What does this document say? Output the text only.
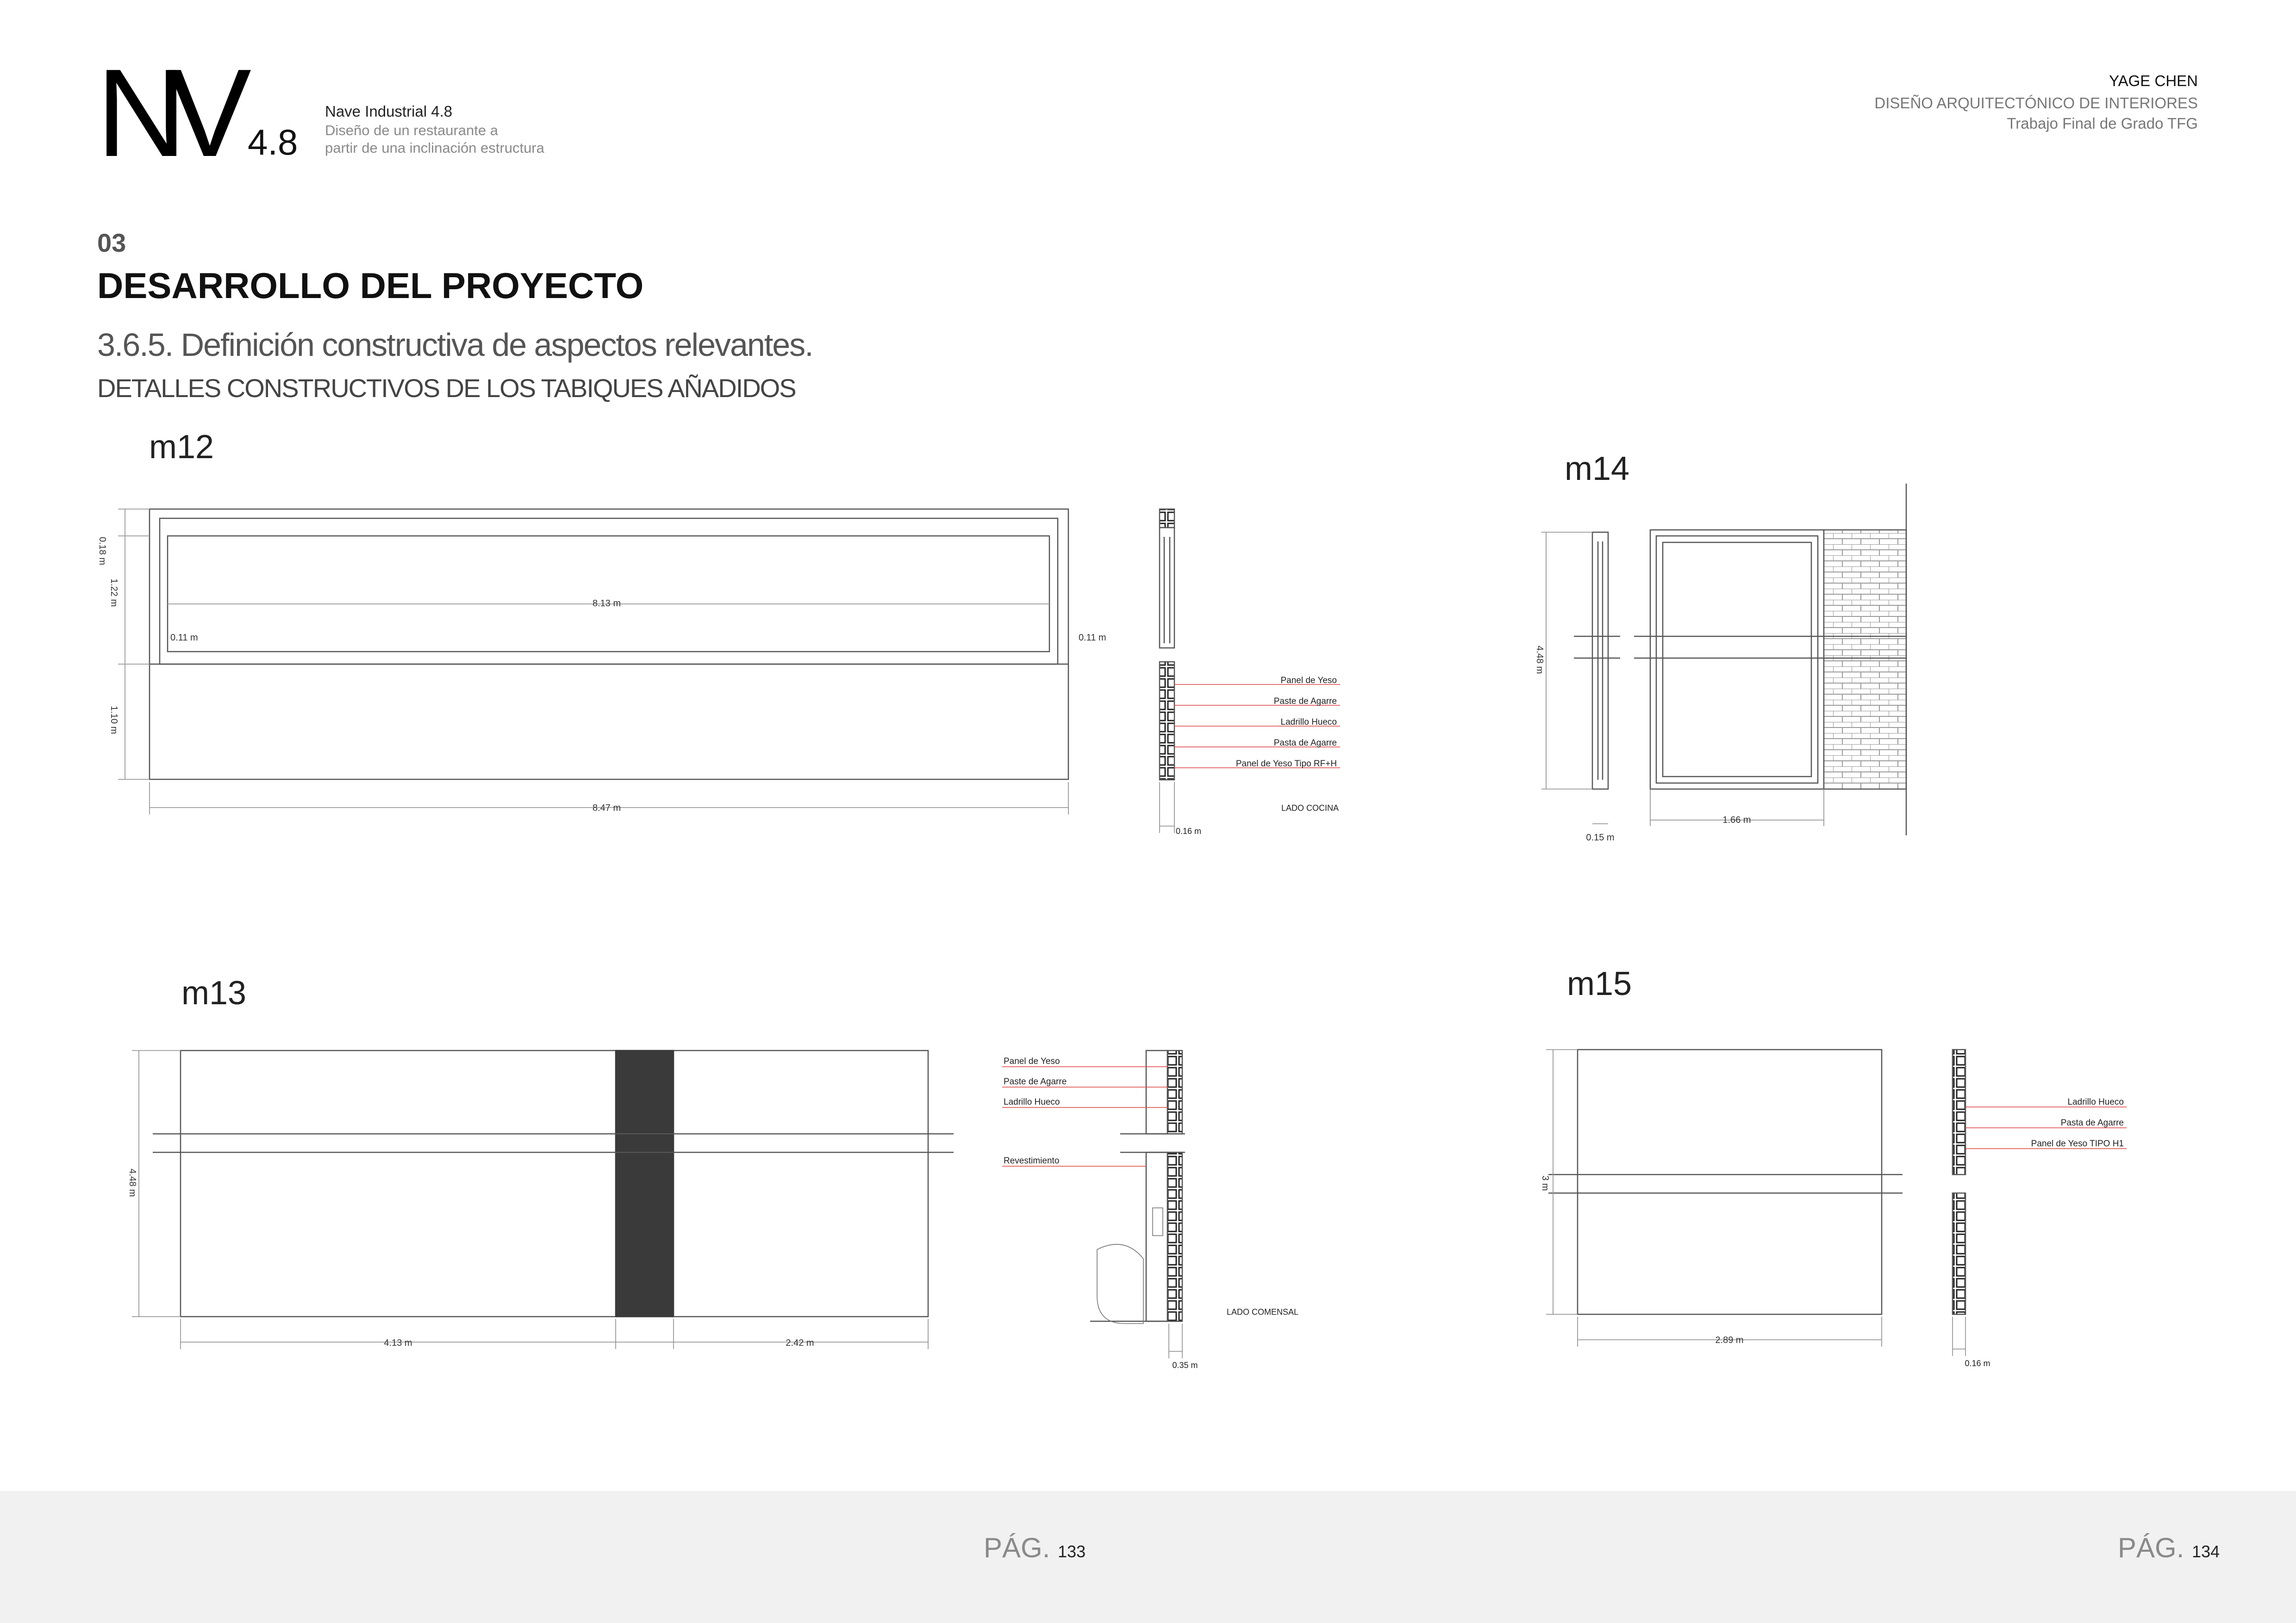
NV 4.8
Nave Industrial 4.8
Diseño de un restaurante a
partir de una inclinación estructura
YAGE CHEN
DISEÑO ARQUITECTÓNICO DE INTERIORES
Trabajo Final de Grado TFG
03
DESARROLLO DEL PROYECTO
3.6.5. Definición constructiva de aspectos relevantes.
DETALLES CONSTRUCTIVOS DE LOS TABIQUES AÑADIDOS
m12
m14
m13	m15
0.18 m
1.22 m
1.10 m
8.13 m
0.11 m	0.11 m
8.47 m
Panel de Yeso
Paste de Agarre
Ladrillo Hueco
Pasta de Agarre
Panel de Yeso Tipo RF+H
LADO COCINA
0.16 m
4.48 m
0.15 m
1.66 m
4.48 m
4.13 m	2.42 m
Panel de Yeso
Paste de Agarre
Ladrillo Hueco
Revestimiento
LADO COMENSAL
0.35 m
3 m
2.89 m
Ladrillo Hueco
Pasta de Agarre
Panel de Yeso TIPO H1
0.16 m
PÁG. 133	PÁG. 134
